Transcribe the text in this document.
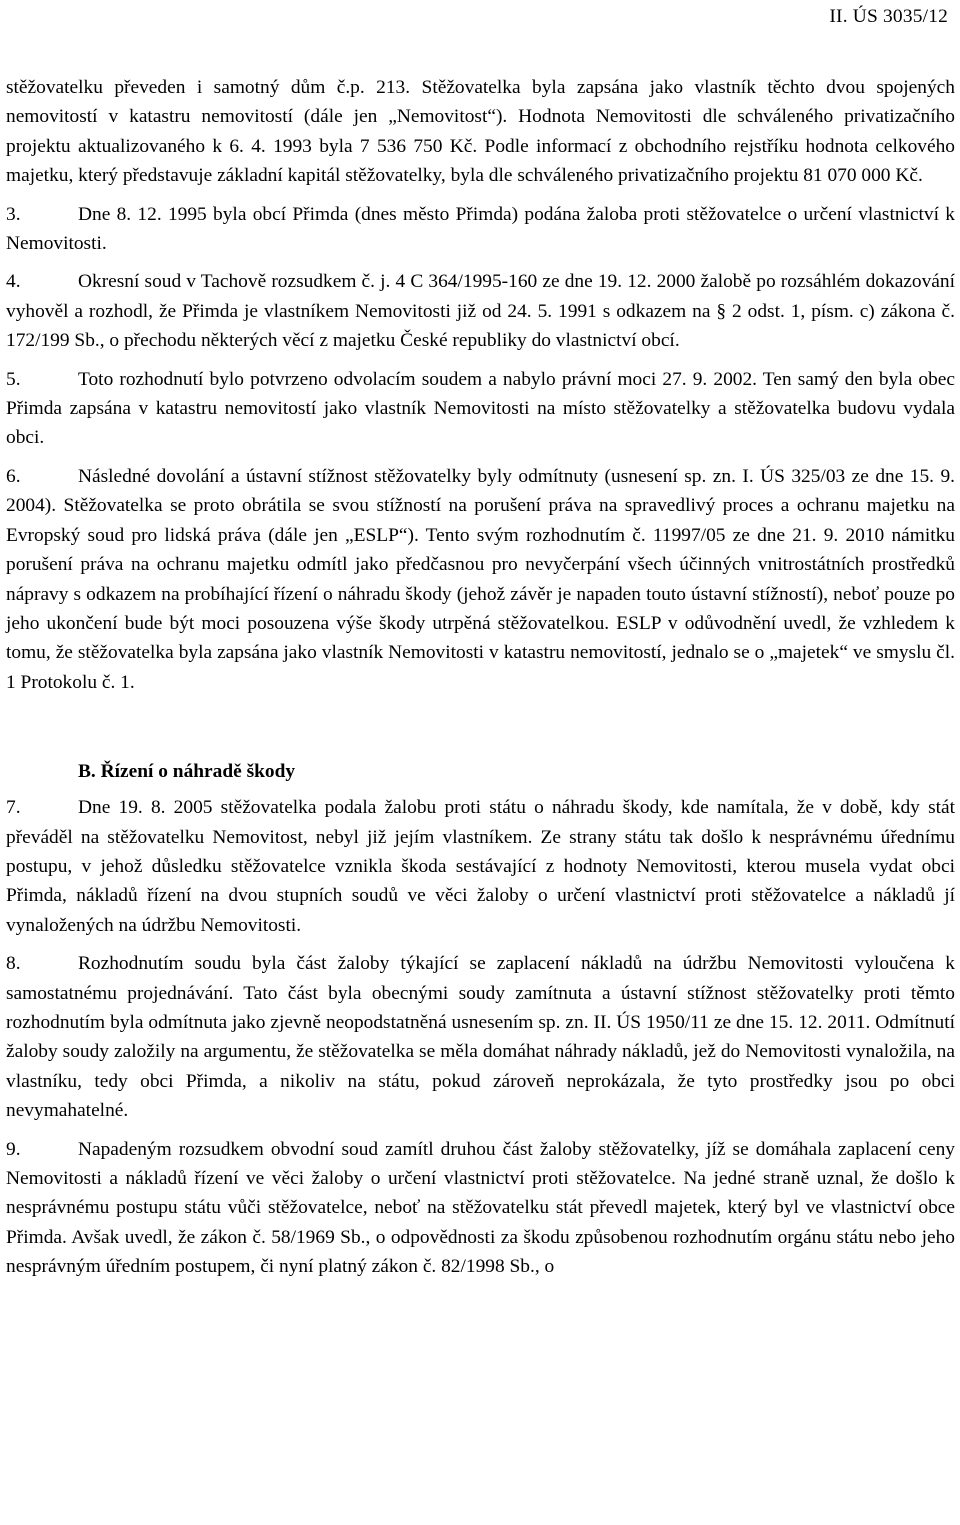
II. ÚS 3035/12

stěžovatelku převeden i samotný dům č.p. 213. Stěžovatelka byla zapsána jako vlastník těchto dvou spojených nemovitostí v katastru nemovitostí (dále jen „Nemovitost“). Hodnota Nemovitosti dle schváleného privatizačního projektu aktualizovaného k 6. 4. 1993 byla 7 536 750 Kč. Podle informací z obchodního rejstříku hodnota celkového majetku, který představuje základní kapitál stěžovatelky, byla dle schváleného privatizačního projektu 81 070 000 Kč.

3.	Dne 8. 12. 1995 byla obcí Přimda (dnes město Přimda) podána žaloba proti stěžovatelce o určení vlastnictví k Nemovitosti.

4.	Okresní soud v Tachově rozsudkem č. j. 4 C 364/1995-160 ze dne 19. 12. 2000 žalobě po rozsáhlém dokazování vyhověl a rozhodl, že Přimda je vlastníkem Nemovitosti již od 24. 5. 1991 s odkazem na § 2 odst. 1, písm. c) zákona č. 172/199 Sb., o přechodu některých věcí z majetku České republiky do vlastnictví obcí.

5.	Toto rozhodnutí bylo potvrzeno odvolacím soudem a nabylo právní moci 27. 9. 2002. Ten samý den byla obec Přimda zapsána v katastru nemovitostí jako vlastník Nemovitosti na místo stěžovatelky a stěžovatelka budovu vydala obci.

6.	Následné dovolání a ústavní stížnost stěžovatelky byly odmítnuty (usnesení sp. zn. I. ÚS 325/03 ze dne 15. 9. 2004). Stěžovatelka se proto obrátila se svou stížností na porušení práva na spravedlivý proces a ochranu majetku na Evropský soud pro lidská práva (dále jen „ESLP“). Tento svým rozhodnutím č. 11997/05 ze dne 21. 9. 2010 námitku porušení práva na ochranu majetku odmítl jako předčasnou pro nevyčerpání všech účinných vnitrostátních prostředků nápravy s odkazem na probíhající řízení o náhradu škody (jehož závěr je napaden touto ústavní stížností), neboť pouze po jeho ukončení bude být moci posouzena výše škody utrpěná stěžovatelkou. ESLP v odůvodnění uvedl, že vzhledem k tomu, že stěžovatelka byla zapsána jako vlastník Nemovitosti v katastru nemovitostí, jednalo se o „majetek“ ve smyslu čl. 1 Protokolu č. 1.

B. Řízení o náhradě škody

7.	Dne 19. 8. 2005 stěžovatelka podala žalobu proti státu o náhradu škody, kde namítala, že v době, kdy stát převáděl na stěžovatelku Nemovitost, nebyl již jejím vlastníkem. Ze strany státu tak došlo k nesprávnému úřednímu postupu, v jehož důsledku stěžovatelce vznikla škoda sestávající z hodnoty Nemovitosti, kterou musela vydat obci Přimda, nákladů řízení na dvou stupních soudů ve věci žaloby o určení vlastnictví proti stěžovatelce a nákladů jí vynaložených na údržbu Nemovitosti.

8.	Rozhodnutím soudu byla část žaloby týkající se zaplacení nákladů na údržbu Nemovitosti vyloučena k samostatnému projednávání. Tato část byla obecnými soudy zamítnuta a ústavní stížnost stěžovatelky proti těmto rozhodnutím byla odmítnuta jako zjevně neopodstatněná usnesením sp. zn. II. ÚS 1950/11 ze dne 15. 12. 2011. Odmítnutí žaloby soudy založily na argumentu, že stěžovatelka se měla domáhat náhrady nákladů, jež do Nemovitosti vynaložila, na vlastníku, tedy obci Přimda, a nikoliv na státu, pokud zároveň neprokázala, že tyto prostředky jsou po obci nevymahatelné.

9.	Napadeným rozsudkem obvodní soud zamítl druhou část žaloby stěžovatelky, jíž se domáhala zaplacení ceny Nemovitosti a nákladů řízení ve věci žaloby o určení vlastnictví proti stěžovatelce. Na jedné straně uznal, že došlo k nesprávnému postupu státu vůči stěžovatelce, neboť na stěžovatelku stát převedl majetek, který byl ve vlastnictví obce Přimda. Avšak uvedl, že zákon č. 58/1969 Sb., o odpovědnosti za škodu způsobenou rozhodnutím orgánu státu nebo jeho nesprávným úředním postupem, či nyní platný zákon č. 82/1998 Sb., o
